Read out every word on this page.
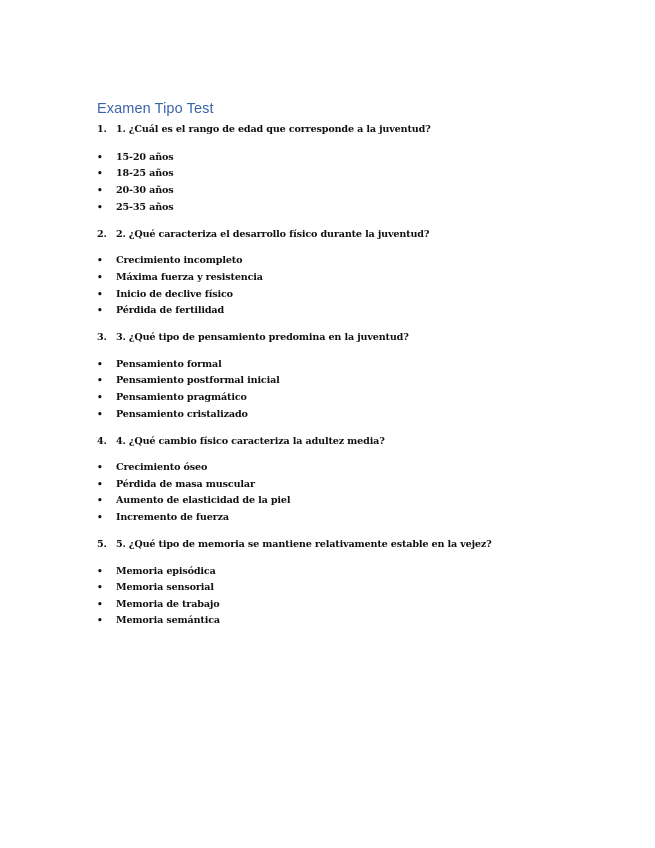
Examen Tipo Test
1. 1. ¿Cuál es el rango de edad que corresponde a la juventud?
• 15-20 años
• 18-25 años
• 20-30 años
• 25-35 años
2. 2. ¿Qué caracteriza el desarrollo físico durante la juventud?
• Crecimiento incompleto
• Máxima fuerza y resistencia
• Inicio de declive físico
• Pérdida de fertilidad
3. 3. ¿Qué tipo de pensamiento predomina en la juventud?
• Pensamiento formal
• Pensamiento postformal inicial
• Pensamiento pragmático
• Pensamiento cristalizado
4. 4. ¿Qué cambio físico caracteriza la adultez media?
• Crecimiento óseo
• Pérdida de masa muscular
• Aumento de elasticidad de la piel
• Incremento de fuerza
5. 5. ¿Qué tipo de memoria se mantiene relativamente estable en la vejez?
• Memoria episódica
• Memoria sensorial
• Memoria de trabajo
• Memoria semántica
